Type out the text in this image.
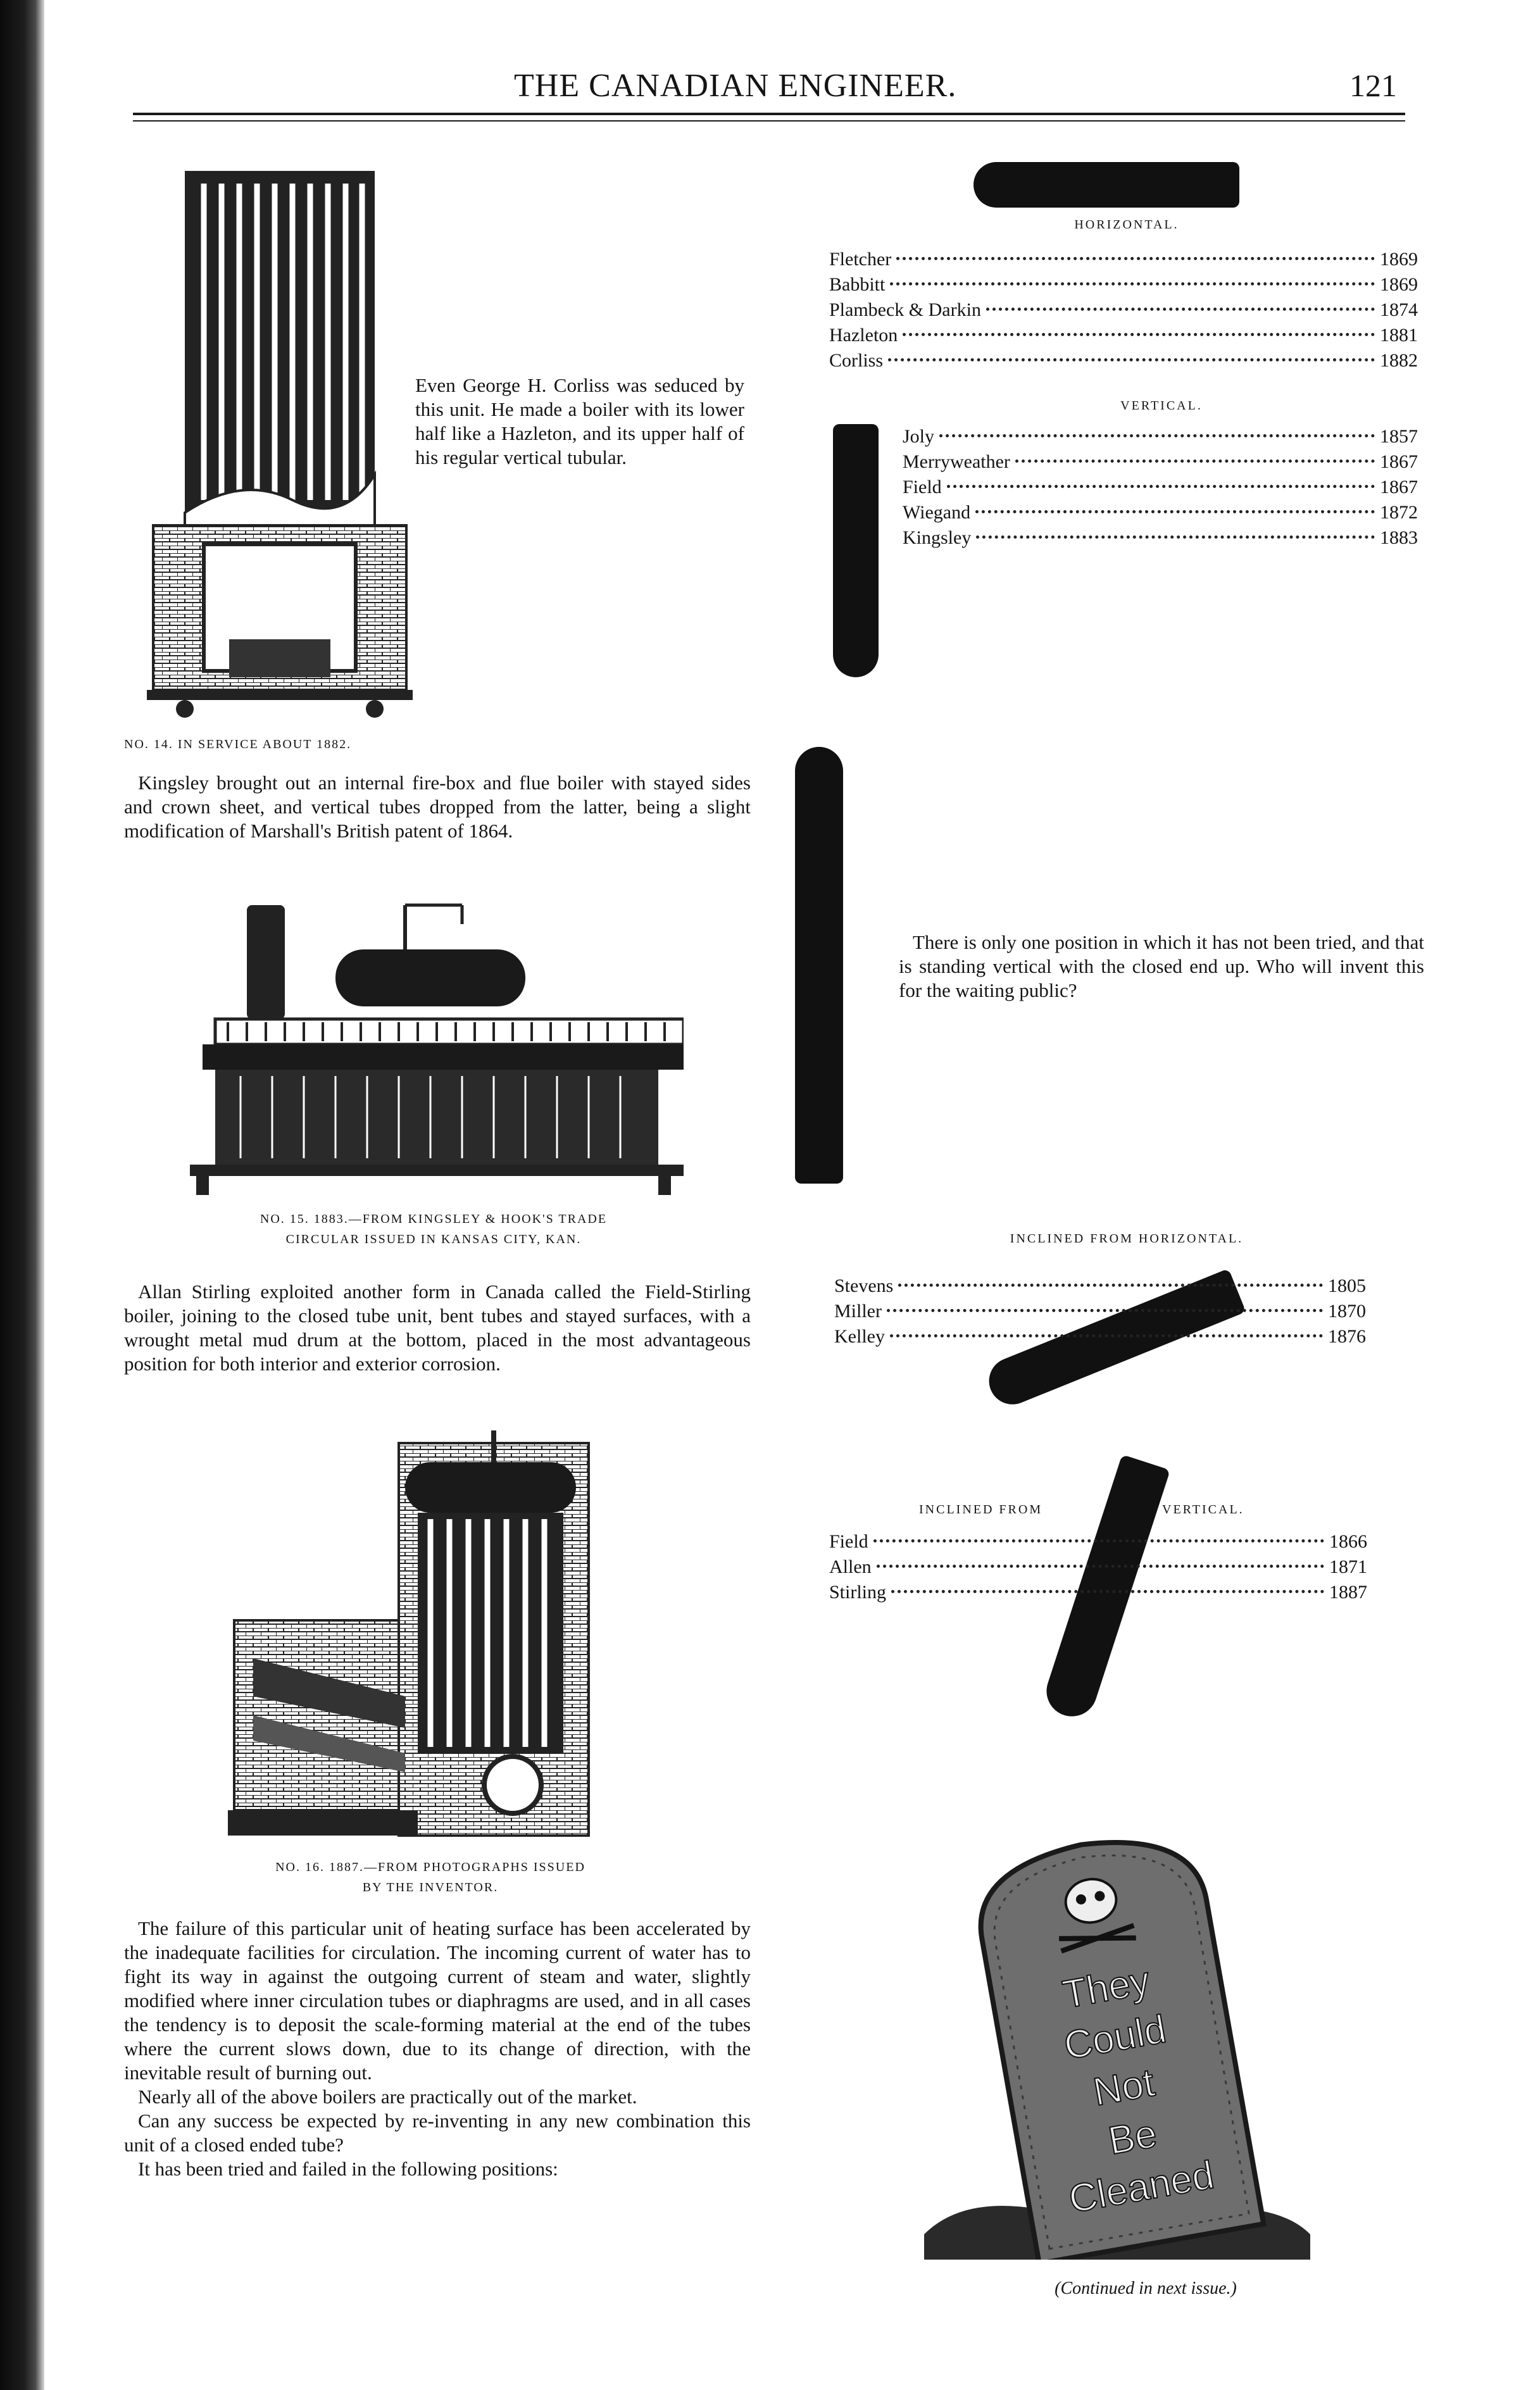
THE CANADIAN ENGINEER.	121
Even George H. Corliss was seduced by this unit. He made a boiler with its lower half like a Hazleton, and its upper half of his regular vertical tubular.
NO. 14. IN SERVICE ABOUT 1882.
Kingsley brought out an internal fire-box and flue boiler with stayed sides and crown sheet, and vertical tubes dropped from the latter, being a slight modification of Marshall's British patent of 1864.
NO. 15. 1883.—FROM KINGSLEY & HOOK'S TRADE
CIRCULAR ISSUED IN KANSAS CITY, KAN.
Allan Stirling exploited another form in Canada called the Field-Stirling boiler, joining to the closed tube unit, bent tubes and stayed surfaces, with a wrought metal mud drum at the bottom, placed in the most advantageous position for both interior and exterior corrosion.
NO. 16. 1887.—FROM PHOTOGRAPHS ISSUED
BY THE INVENTOR.

The failure of this particular unit of heating surface has been accelerated by the inadequate facilities for circulation. The incoming current of water has to fight its way in against the outgoing current of steam and water, slightly modified where inner circulation tubes or diaphragms are used, and in all cases the tendency is to deposit the scale-forming material at the end of the tubes where the current slows down, due to its change of direction, with the inevitable result of burning out.

Nearly all of the above boilers are practically out of the market.

Can any success be expected by re-inventing in any new combination this unit of a closed ended tube?

It has been tried and failed in the following positions:

HORIZONTAL.
Fletcher	1869
Babbitt	1869
Plambeck & Darkin	1874
Hazleton	1881
Corliss	1882
VERTICAL.
Joly	1857
Merryweather	1867
Field	1867
Wiegand	1872
Kingsley	1883
There is only one position in which it has not been tried, and that is standing vertical with the closed end up. Who will invent this for the waiting public?
INCLINED FROM HORIZONTAL.
Stevens	1805
Miller	1870
Kelley	1876
INCLINED FROM	VERTICAL.
Field	1866
Allen	1871
Stirling	1887
They
Could
Not
Be
Cleaned
(Continued in next issue.)
